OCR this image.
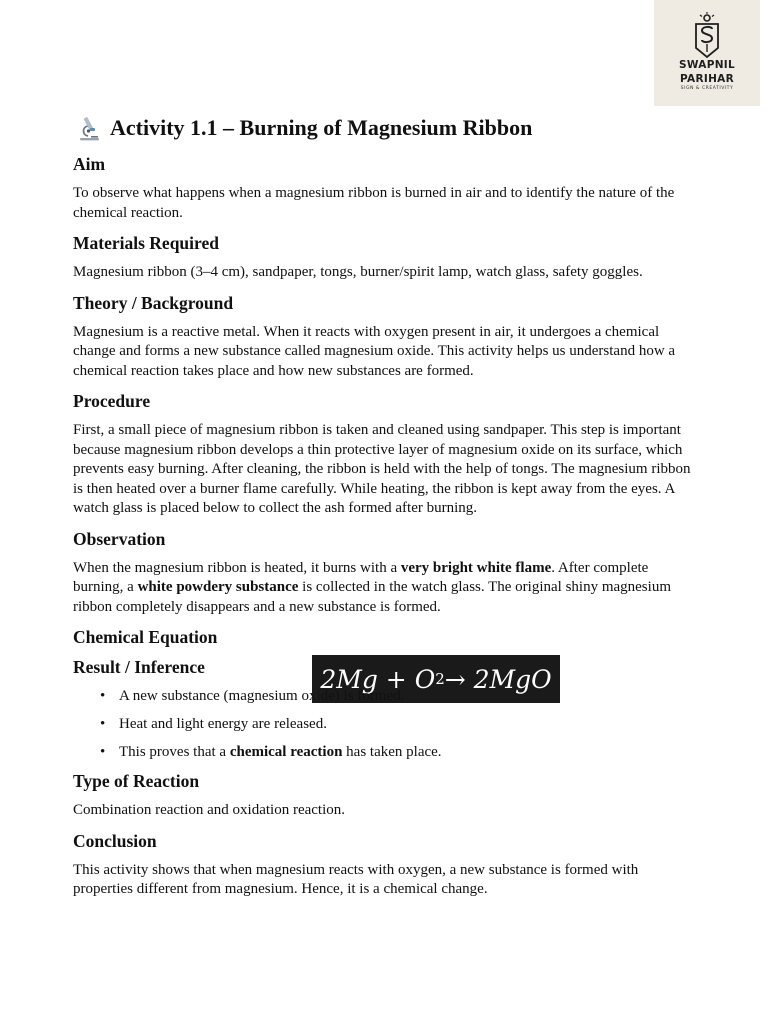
SWAPNIL
PARIHAR
SIGN & CREATIVITY
Activity 1.1 – Burning of Magnesium Ribbon
Aim

To observe what happens when a magnesium ribbon is burned in air and to identify the nature of the chemical reaction.

Materials Required

Magnesium ribbon (3–4 cm), sandpaper, tongs, burner/spirit lamp, watch glass, safety goggles.

Theory / Background

Magnesium is a reactive metal. When it reacts with oxygen present in air, it undergoes a chemical change and forms a new substance called magnesium oxide. This activity helps us understand how a chemical reaction takes place and how new substances are formed.

Procedure

First, a small piece of magnesium ribbon is taken and cleaned using sandpaper. This step is important because magnesium ribbon develops a thin protective layer of magnesium oxide on its surface, which prevents easy burning. After cleaning, the ribbon is held with the help of tongs. The magnesium ribbon is then heated over a burner flame carefully. While heating, the ribbon is kept away from the eyes. A watch glass is placed below to collect the ash formed after burning.

Observation

When the magnesium ribbon is heated, it burns with a very bright white flame. After complete burning, a white powdery substance is collected in the watch glass. The original shiny magnesium ribbon completely disappears and a new substance is formed.

Chemical Equation
2Mg + O 2 → 2MgO
Result / Inference
• A new substance (magnesium oxide) is formed.
• Heat and light energy are released.
• This proves that a chemical reaction has taken place.
Type of Reaction

Combination reaction and oxidation reaction.

Conclusion

This activity shows that when magnesium reacts with oxygen, a new substance is formed with properties different from magnesium. Hence, it is a chemical change.
